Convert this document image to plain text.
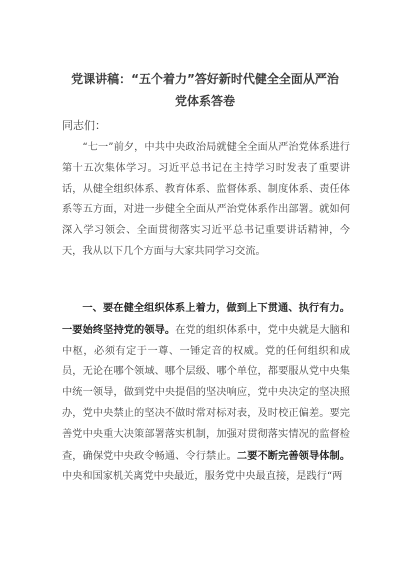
党课讲稿：“五个着力”答好新时代健全全面从严治党体系答卷
同志们：

“七一”前夕，中共中央政治局就健全全面从严治党体系进行第十五次集体学习。习近平总书记在主持学习时发表了重要讲话，从健全组织体系、教育体系、监督体系、制度体系、责任体系等五方面，对进一步健全全面从严治党体系作出部署。就如何深入学习领会、全面贯彻落实习近平总书记重要讲话精神，今天，我从以下几个方面与大家共同学习交流。

一、要在健全组织体系上着力，做到上下贯通、执行有力。一要始终坚持党的领导。在党的组织体系中，党中央就是大脑和中枢，必须有定于一尊、一锤定音的权威。党的任何组织和成员，无论在哪个领域、哪个层级、哪个单位，都要服从党中央集中统一领导，做到党中央提倡的坚决响应，党中央决定的坚决照办，党中央禁止的坚决不做时常对标对表，及时校正偏差。要完善党中央重大决策部署落实机制，加强对贯彻落实情况的监督检查，确保党中央政令畅通、令行禁止。二要不断完善领导体制。中央和国家机关离党中央最近，服务党中央最直接，是践行“两
